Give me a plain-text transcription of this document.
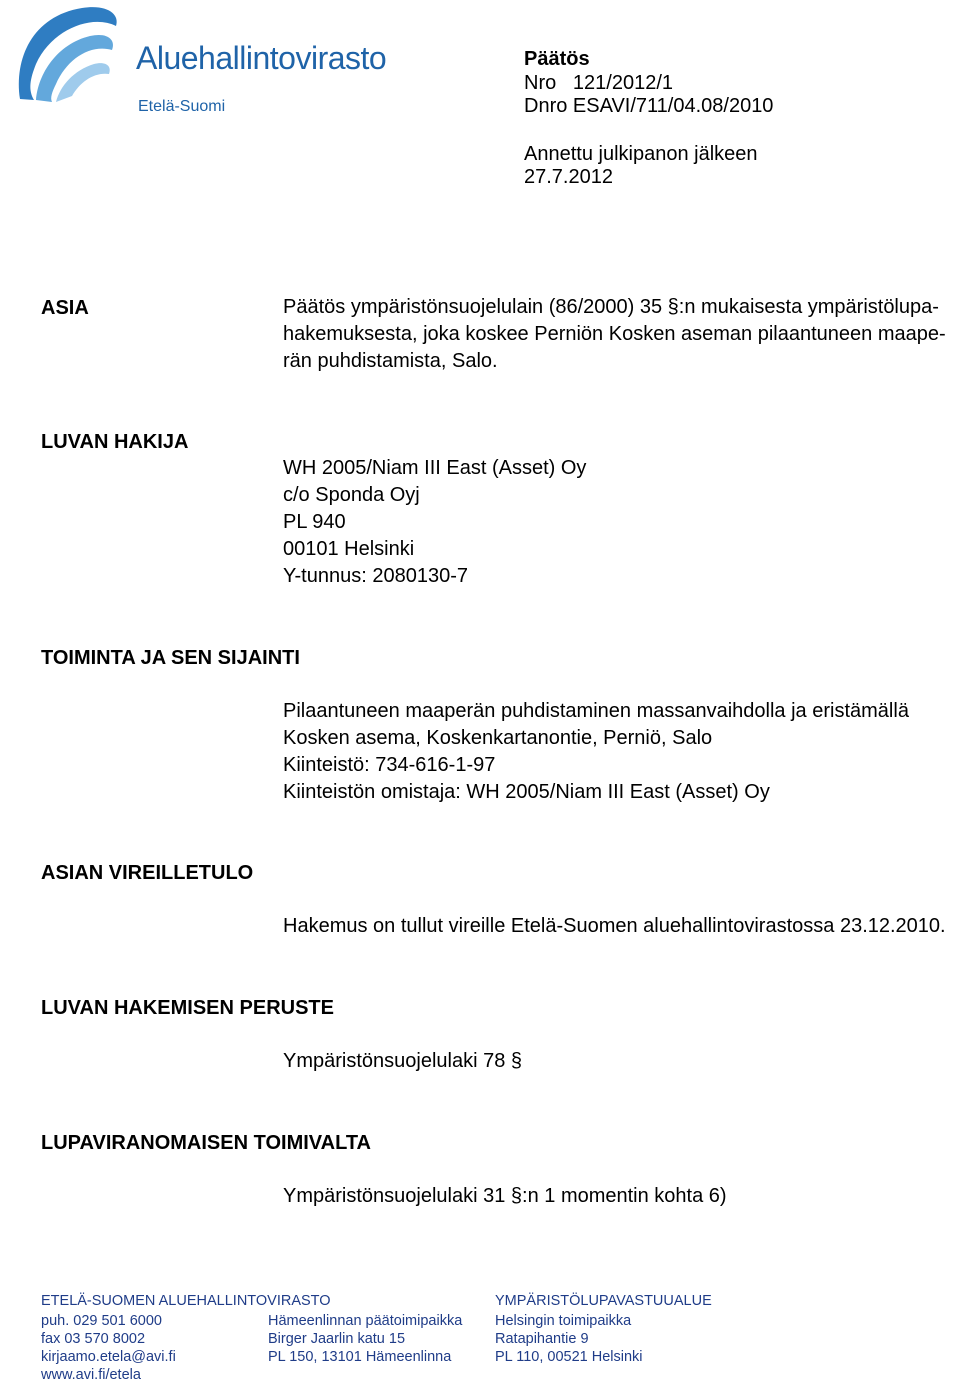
Aluehallintovirasto
Etelä-Suomi
Päätös
Nro   121/2012/1
Dnro ESAVI/711/04.08/2010
Annettu julkipanon jälkeen
27.7.2012
ASIA	Päätös ympäristönsuojelulain (86/2000) 35 §:n mukaisesta ympäristölupa-
hakemuksesta, joka koskee Perniön Kosken aseman pilaantuneen maape-
rän puhdistamista, Salo.
LUVAN HAKIJA
WH 2005/Niam III East (Asset) Oy
c/o Sponda Oyj
PL 940
00101 Helsinki
Y-tunnus: 2080130-7
TOIMINTA JA SEN SIJAINTI
Pilaantuneen maaperän puhdistaminen massanvaihdolla ja eristämällä
Kosken asema, Koskenkartanontie, Perniö, Salo
Kiinteistö: 734-616-1-97
Kiinteistön omistaja: WH 2005/Niam III East (Asset) Oy
ASIAN VIREILLETULO
Hakemus on tullut vireille Etelä-Suomen aluehallintovirastossa 23.12.2010.
LUVAN HAKEMISEN PERUSTE
Ympäristönsuojelulaki 78 §
LUPAVIRANOMAISEN TOIMIVALTA
Ympäristönsuojelulaki 31 §:n 1 momentin kohta 6)
ETELÄ-SUOMEN ALUEHALLINTOVIRASTO	YMPÄRISTÖLUPAVASTUUALUE
puh. 029 501 6000	Hämeenlinnan päätoimipaikka	Helsingin toimipaikka
fax 03 570 8002	Birger Jaarlin katu 15	Ratapihantie 9
kirjaamo.etela@avi.fi	PL 150, 13101 Hämeenlinna	PL 110, 00521 Helsinki
www.avi.fi/etela
